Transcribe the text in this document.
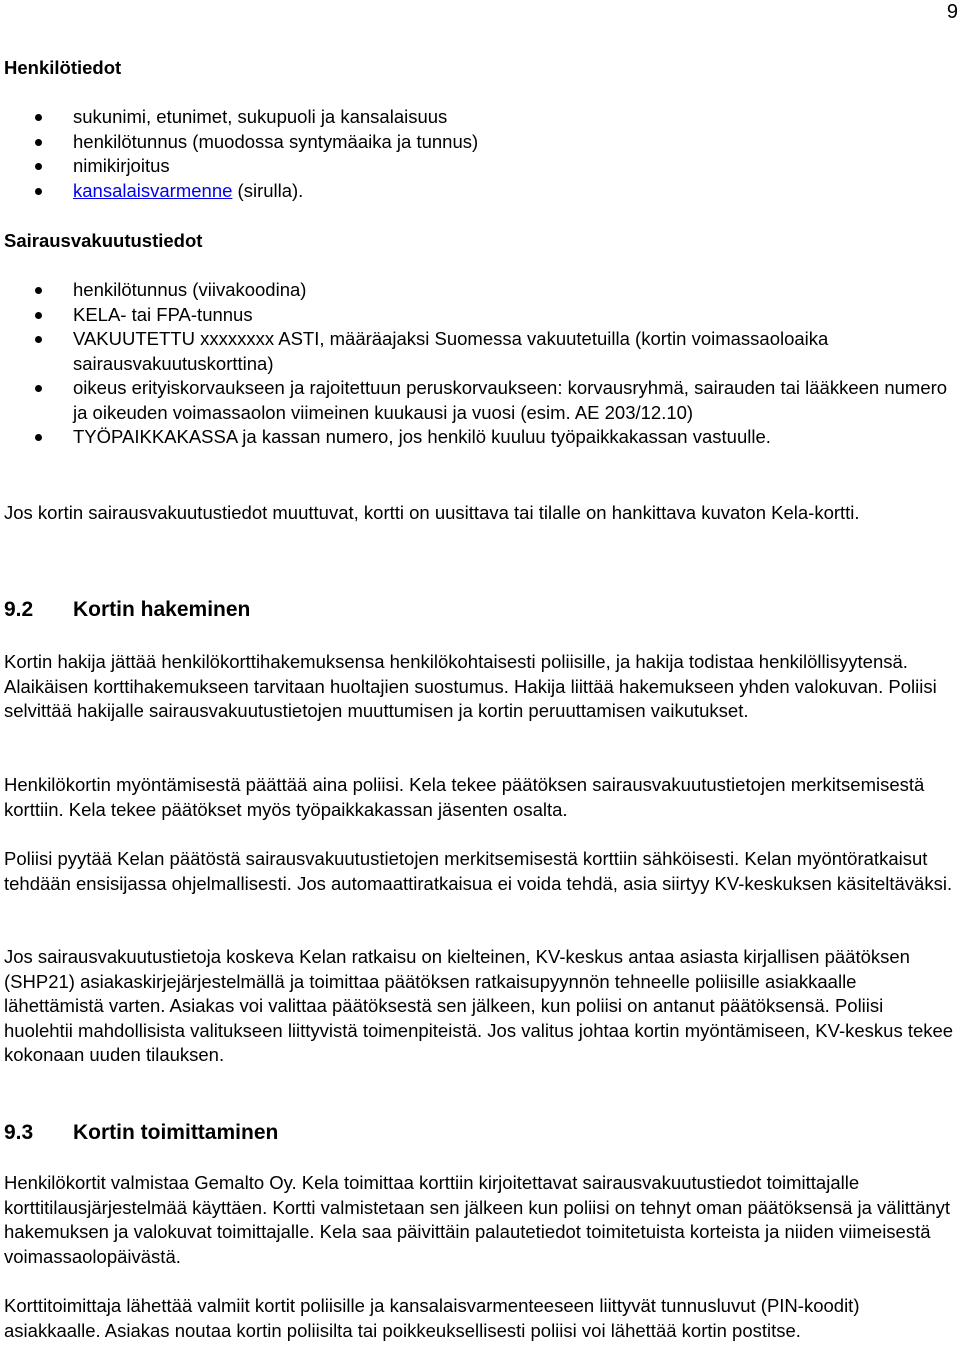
9
Henkilötiedot
sukunimi, etunimet, sukupuoli ja kansalaisuus
henkilötunnus (muodossa syntymäaika ja tunnus)
nimikirjoitus
kansalaisvarmenne (sirulla).
Sairausvakuutustiedot
henkilötunnus (viivakoodina)
KELA- tai FPA-tunnus
VAKUUTETTU xxxxxxxx ASTI, määräajaksi Suomessa vakuutetuilla (kortin voimassaoloaika sairausvakuutuskorttina)
oikeus erityiskorvaukseen ja rajoitettuun peruskorvaukseen: korvausryhmä, sairauden tai lääkkeen numero ja oikeuden voimassaolon viimeinen kuukausi ja vuosi (esim. AE 203/12.10)
TYÖPAIKKAKASSA ja kassan numero, jos henkilö kuuluu työpaikkakassan vastuulle.

Jos kortin sairausvakuutustiedot muuttuvat, kortti on uusittava tai tilalle on hankittava kuvaton Kela-kortti.

9.2 Kortin hakeminen

Kortin hakija jättää henkilökorttihakemuksensa henkilökohtaisesti poliisille, ja hakija todistaa henkilöllisyytensä. Alaikäisen korttihakemukseen tarvitaan huoltajien suostumus. Hakija liittää hakemukseen yhden valokuvan. Poliisi selvittää hakijalle sairausvakuutustietojen muuttumisen ja kortin peruuttamisen vaikutukset.

Henkilökortin myöntämisestä päättää aina poliisi. Kela tekee päätöksen sairausvakuutustietojen merkitsemisestä korttiin. Kela tekee päätökset myös työpaikkakassan jäsenten osalta.

Poliisi pyytää Kelan päätöstä sairausvakuutustietojen merkitsemisestä korttiin sähköisesti. Kelan myöntöratkaisut tehdään ensisijassa ohjelmallisesti. Jos automaattiratkaisua ei voida tehdä, asia siirtyy KV-keskuksen käsiteltäväksi.

Jos sairausvakuutustietoja koskeva Kelan ratkaisu on kielteinen, KV-keskus antaa asiasta kirjallisen päätöksen (SHP21) asiakaskirjejärjestelmällä ja toimittaa päätöksen ratkaisupyynnön tehneelle poliisille asiakkaalle lähettämistä varten. Asiakas voi valittaa päätöksestä sen jälkeen, kun poliisi on antanut päätöksensä. Poliisi huolehtii mahdollisista valitukseen liittyvistä toimenpiteistä. Jos valitus johtaa kortin myöntämiseen, KV-keskus tekee kokonaan uuden tilauksen.

9.3 Kortin toimittaminen

Henkilökortit valmistaa Gemalto Oy. Kela toimittaa korttiin kirjoitettavat sairausvakuutustiedot toimittajalle korttitilausjärjestelmää käyttäen. Kortti valmistetaan sen jälkeen kun poliisi on tehnyt oman päätöksensä ja välittänyt hakemuksen ja valokuvat toimittajalle. Kela saa päivittäin palautetiedot toimitetuista korteista ja niiden viimeisestä voimassaolopäivästä.

Korttitoimittaja lähettää valmiit kortit poliisille ja kansalaisvarmenteeseen liittyvät tunnusluvut (PIN-koodit) asiakkaalle. Asiakas noutaa kortin poliisilta tai poikkeuksellisesti poliisi voi lähettää kortin postitse.
